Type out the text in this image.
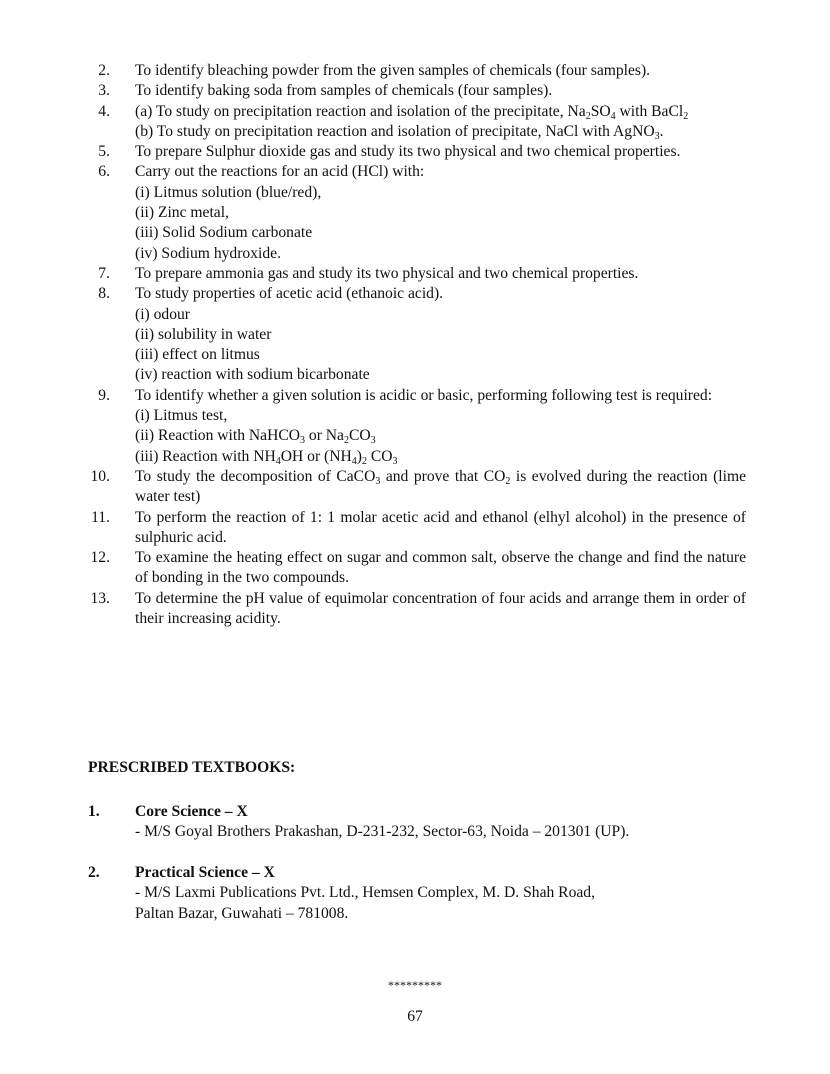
2. To identify bleaching powder from the given samples of chemicals (four samples).
3. To identify baking soda from samples of chemicals (four samples).
4. (a) To study on precipitation reaction and isolation of the precipitate, $Na_2SO_4$ with BaCl$_2$
(b) To study on precipitation reaction and isolation of precipitate, NaCl with AgNO$_3$.
5. To prepare Sulphur dioxide gas and study its two physical and two chemical properties.
6. Carry out the reactions for an acid (HCl) with:
(i) Litmus solution (blue/red),
(ii) Zinc metal,
(iii) Solid Sodium carbonate
(iv) Sodium hydroxide.
7. To prepare ammonia gas and study its two physical and two chemical properties.
8. To study properties of acetic acid (ethanoic acid).
(i) odour
(ii) solubility in water
(iii) effect on litmus
(iv) reaction with sodium bicarbonate
9. To identify whether a given solution is acidic or basic, performing following test is required:
(i) Litmus test,
(ii) Reaction with NaHCO$_3$ or $Na_2CO_3$
(iii) Reaction with $NH_4OH$ or $(NH_4)_2$ $CO_3$
10. To study the decomposition of CaCO$_3$ and prove that $CO_2$ is evolved during the reaction (lime water test)
11. To perform the reaction of 1: 1 molar acetic acid and ethanol (elhyl alcohol) in the presence of sulphuric acid.
12. To examine the heating effect on sugar and common salt, observe the change and find the nature of bonding in the two compounds.
13. To determine the pH value of equimolar concentration of four acids and arrange them in order of their increasing acidity.
PRESCRIBED TEXTBOOKS:
1. Core Science – X
- M/S Goyal Brothers Prakashan, D-231-232, Sector-63, Noida – 201301 (UP).
2. Practical Science – X
- M/S Laxmi Publications Pvt. Ltd., Hemsen Complex, M. D. Shah Road,
Paltan Bazar, Guwahati – 781008.
*********
67
